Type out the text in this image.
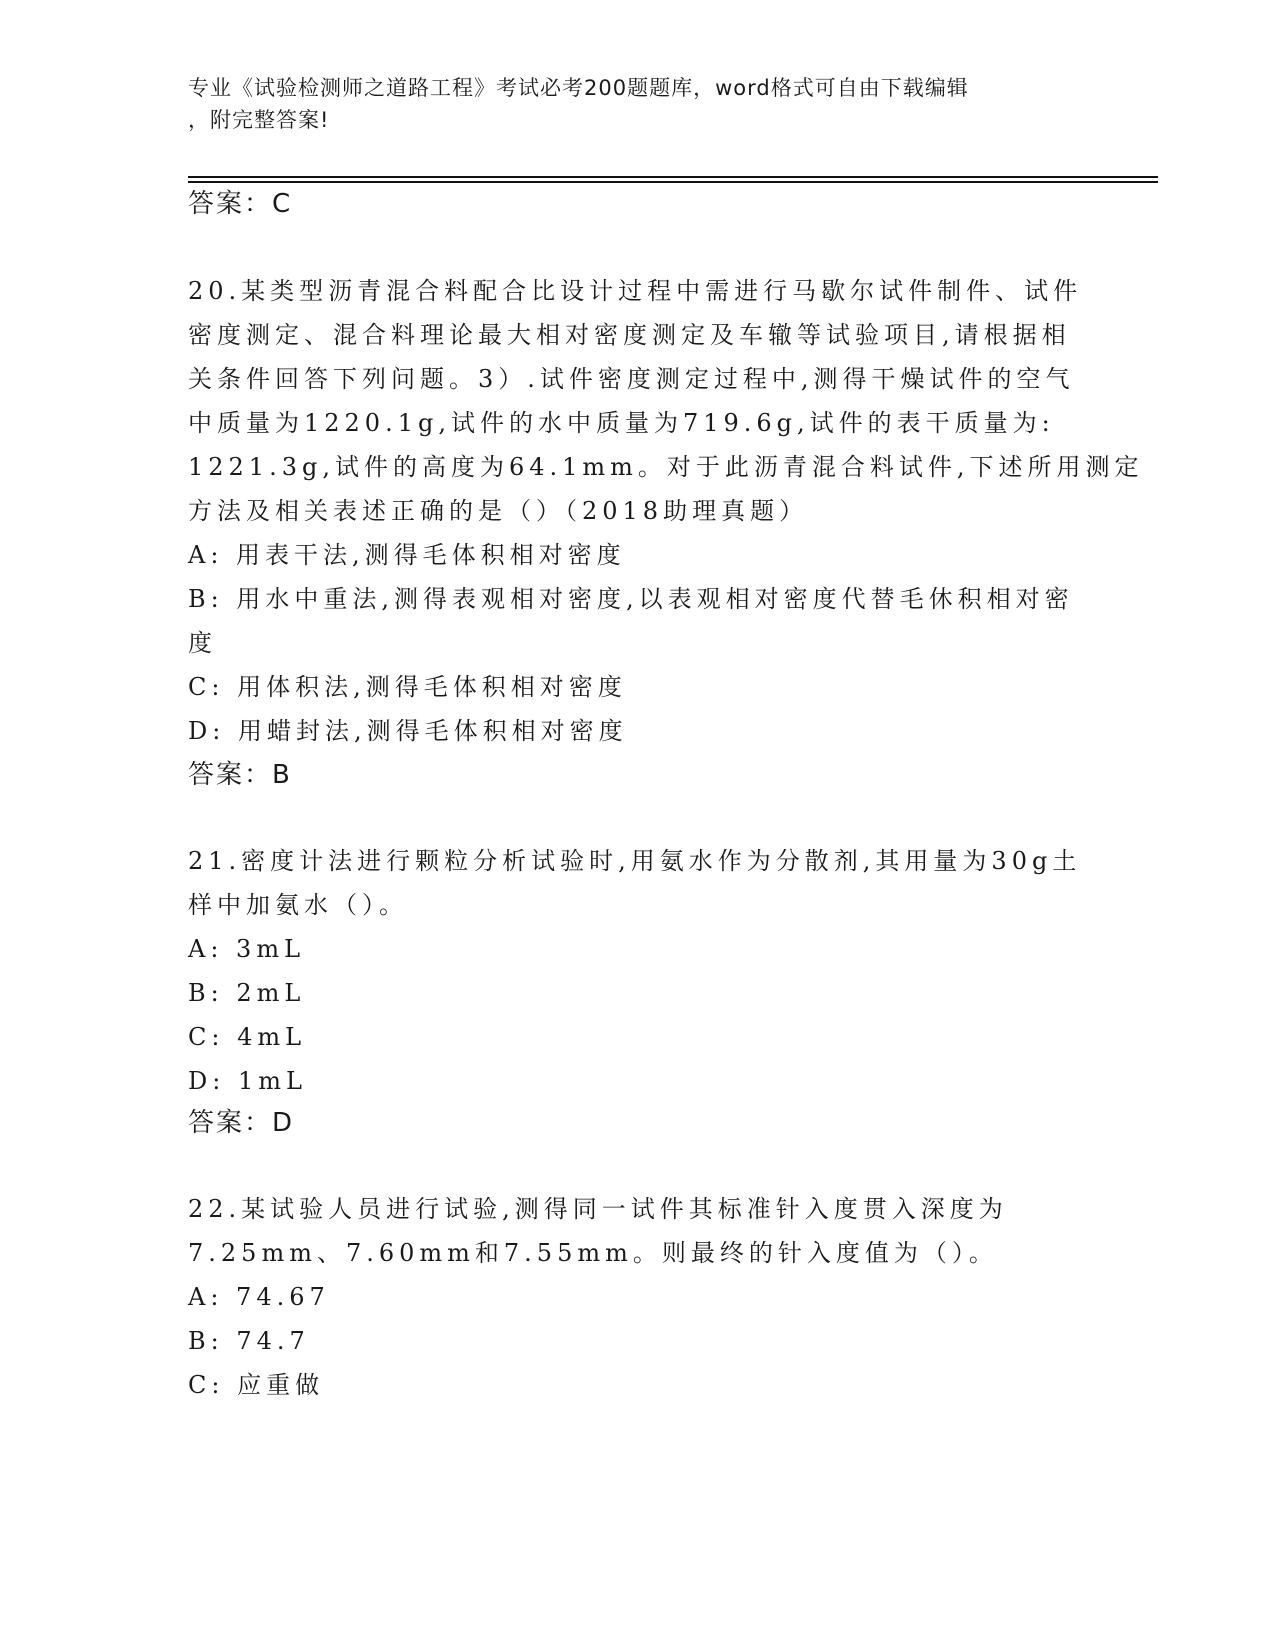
专业《试验检测师之道路工程》考试必考200题题库，word格式可自由下载编辑
，附完整答案!
答案：C
20.某类型沥青混合料配合比设计过程中需进行马歇尔试件制件、试件
密度测定、混合料理论最大相对密度测定及车辙等试验项目,请根据相
关条件回答下列问题。3）.试件密度测定过程中,测得干燥试件的空气
中质量为1220.1g,试件的水中质量为719.6g,试件的表干质量为:
1221.3g,试件的高度为64.1mm。对于此沥青混合料试件,下述所用测定
方法及相关表述正确的是（）（2018助理真题）
A: 用表干法,测得毛体积相对密度
B: 用水中重法,测得表观相对密度,以表观相对密度代替毛休积相对密
度
C: 用体积法,测得毛体积相对密度
D: 用蜡封法,测得毛体积相对密度
答案：B
21.密度计法进行颗粒分析试验时,用氨水作为分散剂,其用量为30g土
样中加氨水（）。
A: 3mL
B: 2mL
C: 4mL
D: 1mL
答案：D
22.某试验人员进行试验,测得同一试件其标准针入度贯入深度为
7.25mm、7.60mm和7.55mm。则最终的针入度值为（）。
A: 74.67
B: 74.7
C: 应重做
